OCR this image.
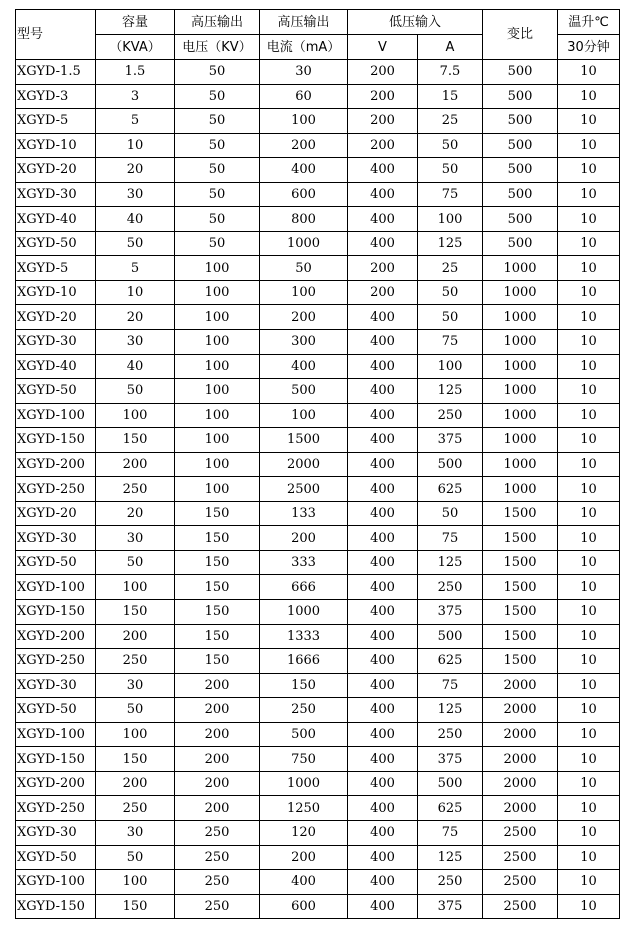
型号	容量	高压输出	高压输出	低压输入		变比	温升℃
	（KVA）	电压（KV）	电流（mA）	V	A		30分钟
XGYD-1.5	1.5	50	30	200	7.5	500	10
XGYD-3	3	50	60	200	15	500	10
XGYD-5	5	50	100	200	25	500	10
XGYD-10	10	50	200	200	50	500	10
XGYD-20	20	50	400	400	50	500	10
XGYD-30	30	50	600	400	75	500	10
XGYD-40	40	50	800	400	100	500	10
XGYD-50	50	50	1000	400	125	500	10
XGYD-5	5	100	50	200	25	1000	10
XGYD-10	10	100	100	200	50	1000	10
XGYD-20	20	100	200	400	50	1000	10
XGYD-30	30	100	300	400	75	1000	10
XGYD-40	40	100	400	400	100	1000	10
XGYD-50	50	100	500	400	125	1000	10
XGYD-100	100	100	100	400	250	1000	10
XGYD-150	150	100	1500	400	375	1000	10
XGYD-200	200	100	2000	400	500	1000	10
XGYD-250	250	100	2500	400	625	1000	10
XGYD-20	20	150	133	400	50	1500	10
XGYD-30	30	150	200	400	75	1500	10
XGYD-50	50	150	333	400	125	1500	10
XGYD-100	100	150	666	400	250	1500	10
XGYD-150	150	150	1000	400	375	1500	10
XGYD-200	200	150	1333	400	500	1500	10
XGYD-250	250	150	1666	400	625	1500	10
XGYD-30	30	200	150	400	75	2000	10
XGYD-50	50	200	250	400	125	2000	10
XGYD-100	100	200	500	400	250	2000	10
XGYD-150	150	200	750	400	375	2000	10
XGYD-200	200	200	1000	400	500	2000	10
XGYD-250	250	200	1250	400	625	2000	10
XGYD-30	30	250	120	400	75	2500	10
XGYD-50	50	250	200	400	125	2500	10
XGYD-100	100	250	400	400	250	2500	10
XGYD-150	150	250	600	400	375	2500	10
